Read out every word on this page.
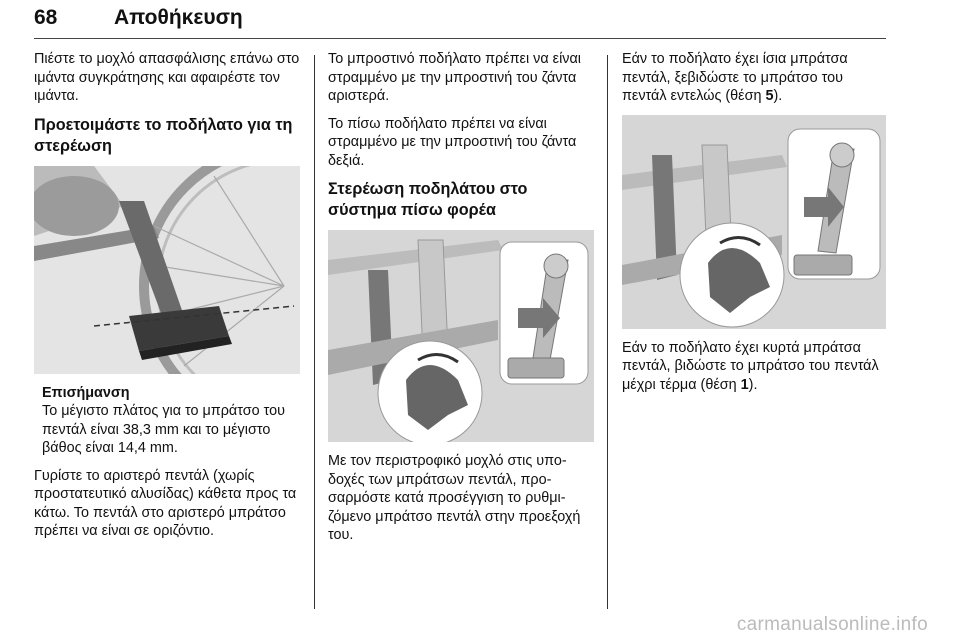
68	Αποθήκευση

Πιέστε το μοχλό απασφάλισης επάνω στο ιμάντα συγκράτησης και αφαιρέστε τον ιμάντα.

Προετοιμάστε το ποδήλατο για τη στερέωση
Επισήμανση
Το μέγιστο πλάτος για το μπράτσο του πεντάλ είναι 38,3 mm και το μέγιστο βάθος είναι 14,4 mm.

Γυρίστε το αριστερό πεντάλ (χωρίς προστατευτικό αλυσίδας) κάθετα προς τα κάτω. Το πεντάλ στο αριστερό μπράτσο πρέπει να είναι σε οριζόντιο.

Το μπροστινό ποδήλατο πρέπει να είναι στραμμένο με την μπροστινή του ζάντα αριστερά.

Το πίσω ποδήλατο πρέπει να είναι στραμμένο με την μπροστινή του ζάντα δεξιά.

Στερέωση ποδηλάτου στο σύστημα πίσω φορέα

Με τον περιστροφικό μοχλό στις υποδοχές των μπράτσων πεντάλ, προσαρμόστε κατά προσέγγιση το ρυθμιζόμενο μπράτσο πεντάλ στην προεξοχή του.

Εάν το ποδήλατο έχει ίσια μπράτσα πεντάλ, ξεβιδώστε το μπράτσο του πεντάλ εντελώς (θέση 5).

Εάν το ποδήλατο έχει κυρτά μπράτσα πεντάλ, βιδώστε το μπράτσο του πεντάλ μέχρι τέρμα (θέση 1).

carmanualsonline.info
